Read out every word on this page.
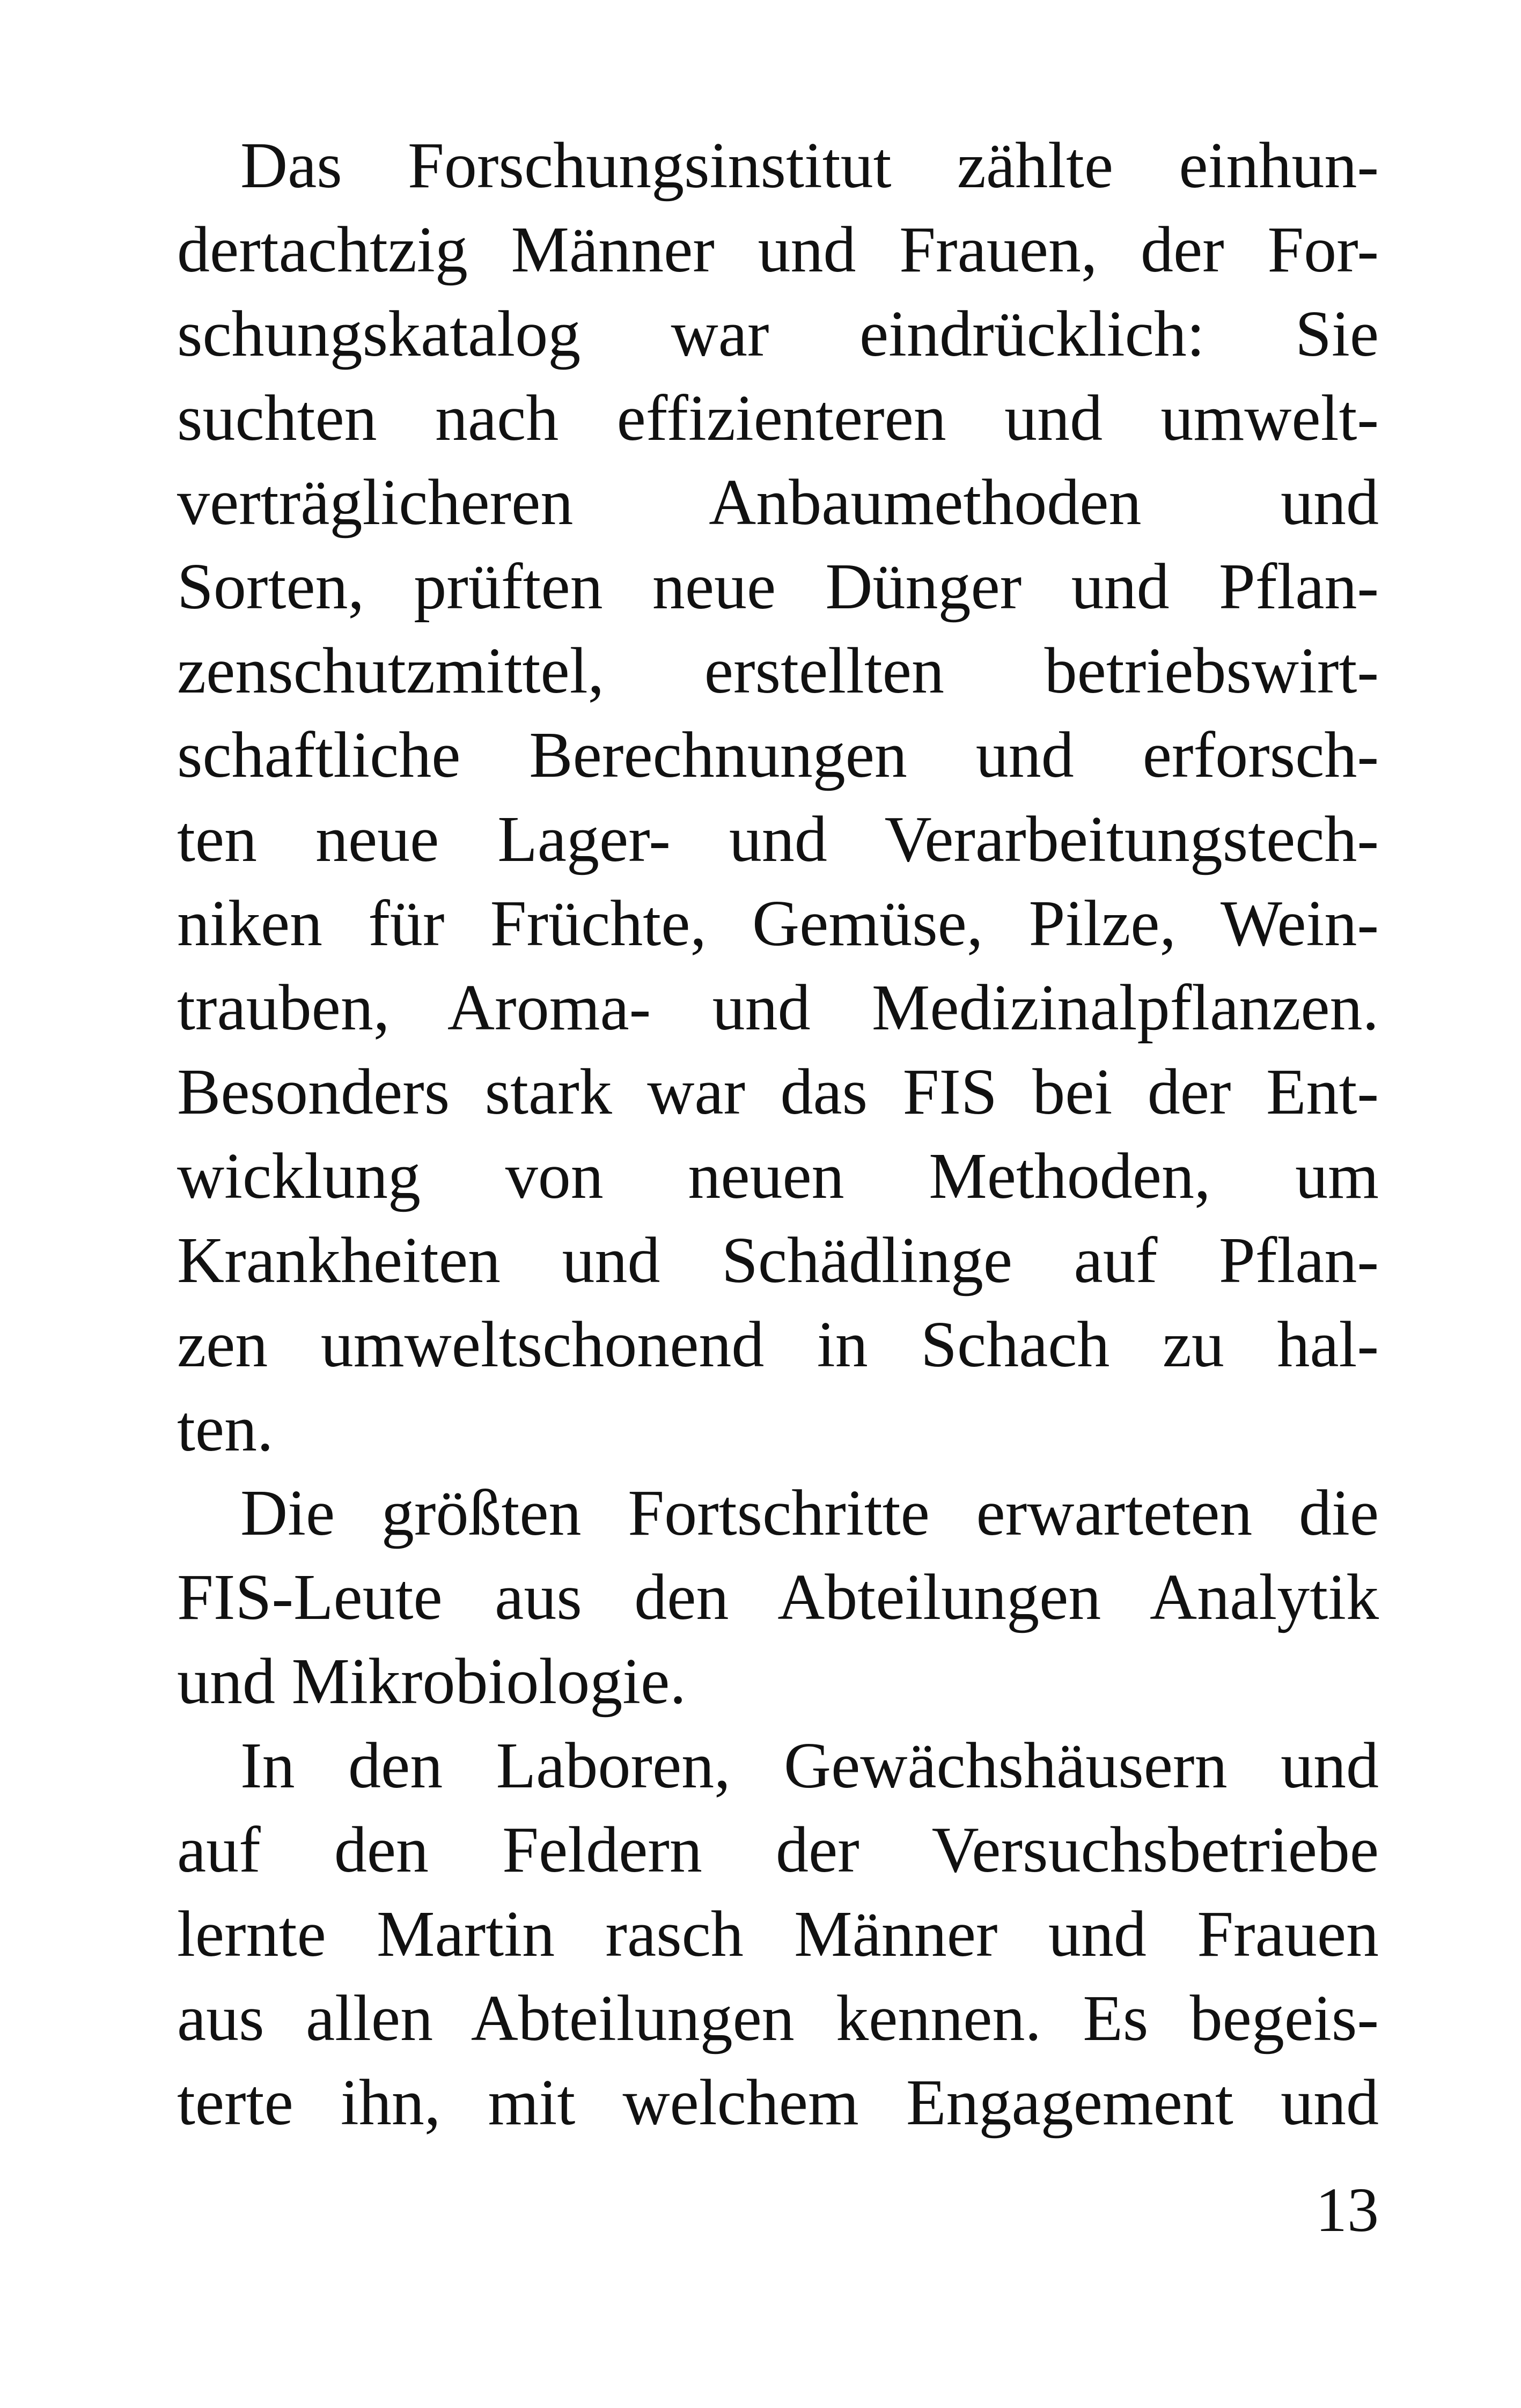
Das Forschungsinstitut zählte einhun-
dertachtzig Männer und Frauen, der For-
schungskatalog war eindrücklich: Sie
suchten nach effizienteren und umwelt-
verträglicheren Anbaumethoden und
Sorten, prüften neue Dünger und Pflan-
zenschutzmittel, erstellten betriebswirt-
schaftliche Berechnungen und erforsch-
ten neue Lager- und Verarbeitungstech-
niken für Früchte, Gemüse, Pilze, Wein-
trauben, Aroma- und Medizinalpflanzen.
Besonders stark war das FIS bei der Ent-
wicklung von neuen Methoden, um
Krankheiten und Schädlinge auf Pflan-
zen umweltschonend in Schach zu hal-
ten.
Die größten Fortschritte erwarteten die
FIS-Leute aus den Abteilungen Analytik
und Mikrobiologie.
In den Laboren, Gewächshäusern und
auf den Feldern der Versuchsbetriebe
lernte Martin rasch Männer und Frauen
aus allen Abteilungen kennen. Es begeis-
terte ihn, mit welchem Engagement und
13
